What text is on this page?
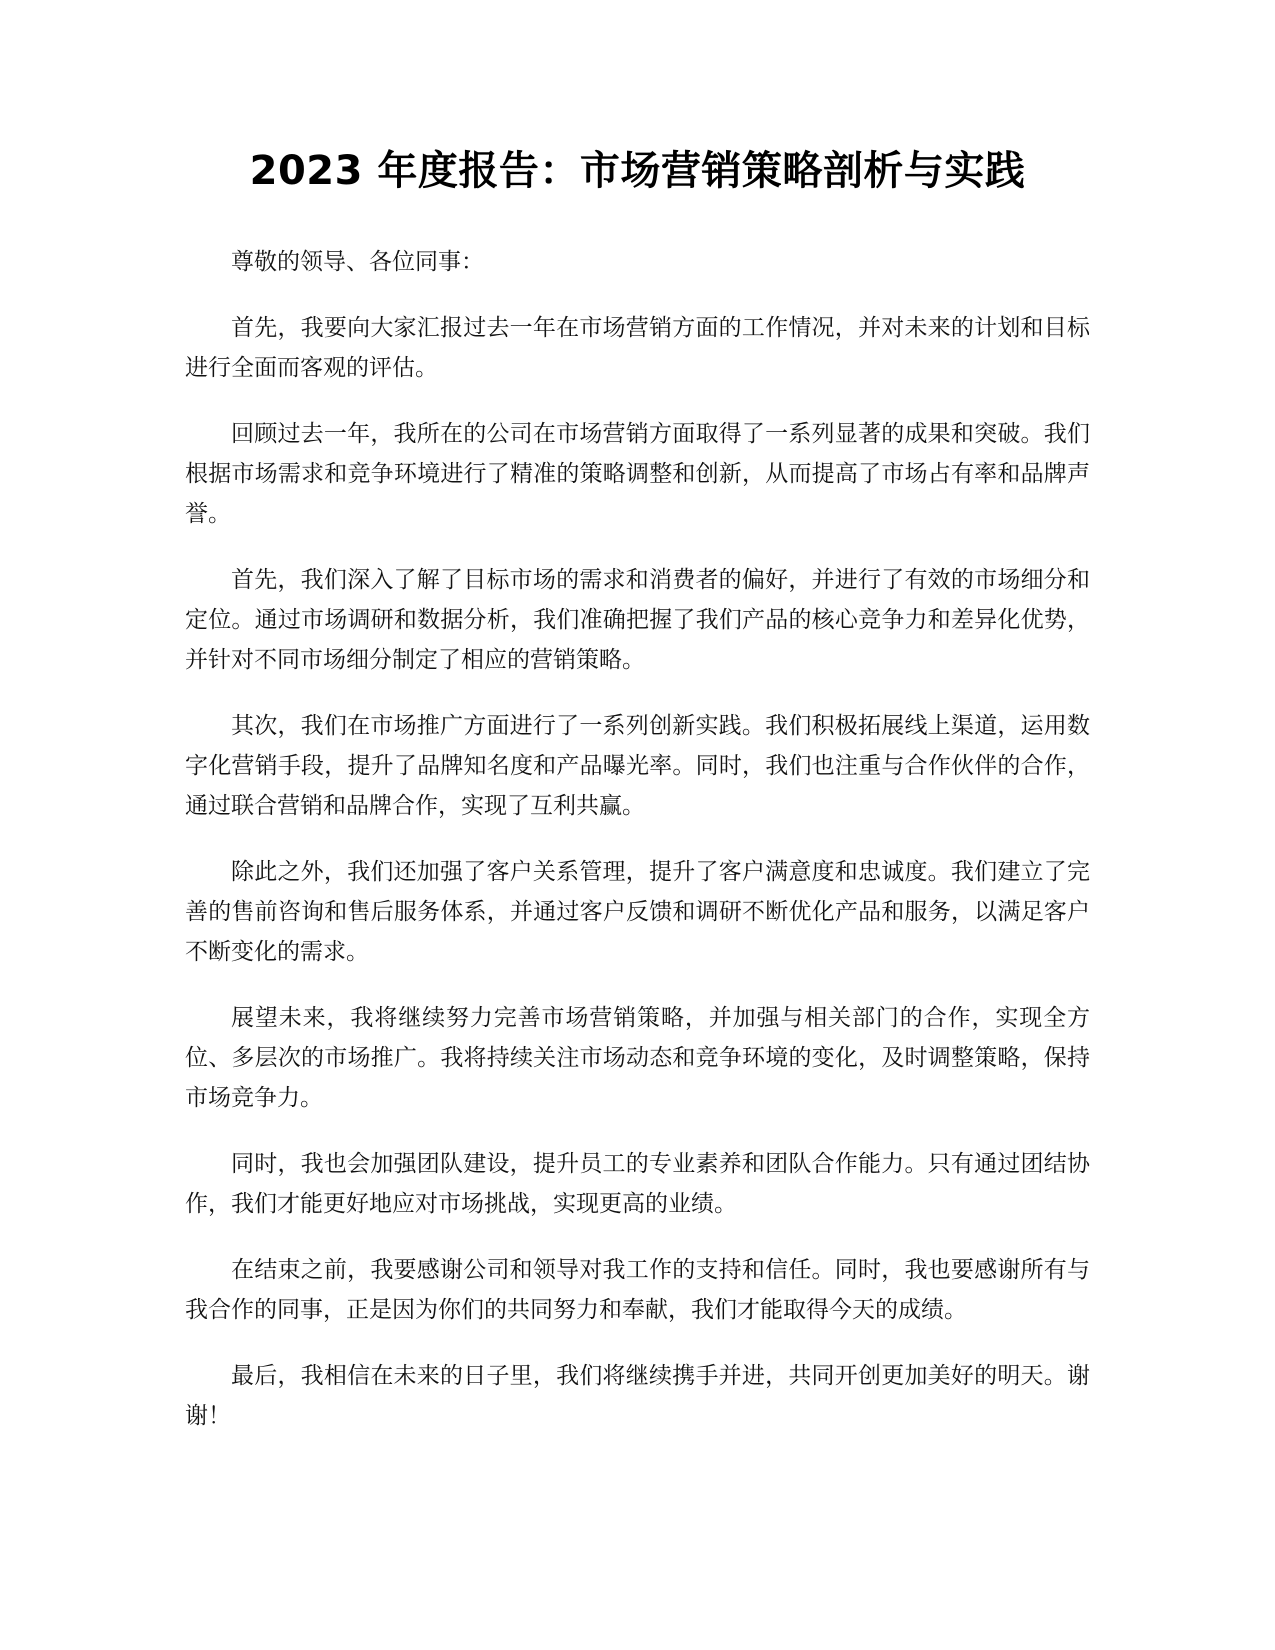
2023 年度报告：市场营销策略剖析与实践

尊敬的领导、各位同事：

首先，我要向大家汇报过去一年在市场营销方面的工作情况，并对未来的计划和目标进行全面而客观的评估。

回顾过去一年，我所在的公司在市场营销方面取得了一系列显著的成果和突破。我们根据市场需求和竞争环境进行了精准的策略调整和创新，从而提高了市场占有率和品牌声誉。

首先，我们深入了解了目标市场的需求和消费者的偏好，并进行了有效的市场细分和定位。通过市场调研和数据分析，我们准确把握了我们产品的核心竞争力和差异化优势，并针对不同市场细分制定了相应的营销策略。

其次，我们在市场推广方面进行了一系列创新实践。我们积极拓展线上渠道，运用数字化营销手段，提升了品牌知名度和产品曝光率。同时，我们也注重与合作伙伴的合作，通过联合营销和品牌合作，实现了互利共赢。

除此之外，我们还加强了客户关系管理，提升了客户满意度和忠诚度。我们建立了完善的售前咨询和售后服务体系，并通过客户反馈和调研不断优化产品和服务，以满足客户不断变化的需求。

展望未来，我将继续努力完善市场营销策略，并加强与相关部门的合作，实现全方位、多层次的市场推广。我将持续关注市场动态和竞争环境的变化，及时调整策略，保持市场竞争力。

同时，我也会加强团队建设，提升员工的专业素养和团队合作能力。只有通过团结协作，我们才能更好地应对市场挑战，实现更高的业绩。

在结束之前，我要感谢公司和领导对我工作的支持和信任。同时，我也要感谢所有与我合作的同事，正是因为你们的共同努力和奉献，我们才能取得今天的成绩。

最后，我相信在未来的日子里，我们将继续携手并进，共同开创更加美好的明天。谢谢！
